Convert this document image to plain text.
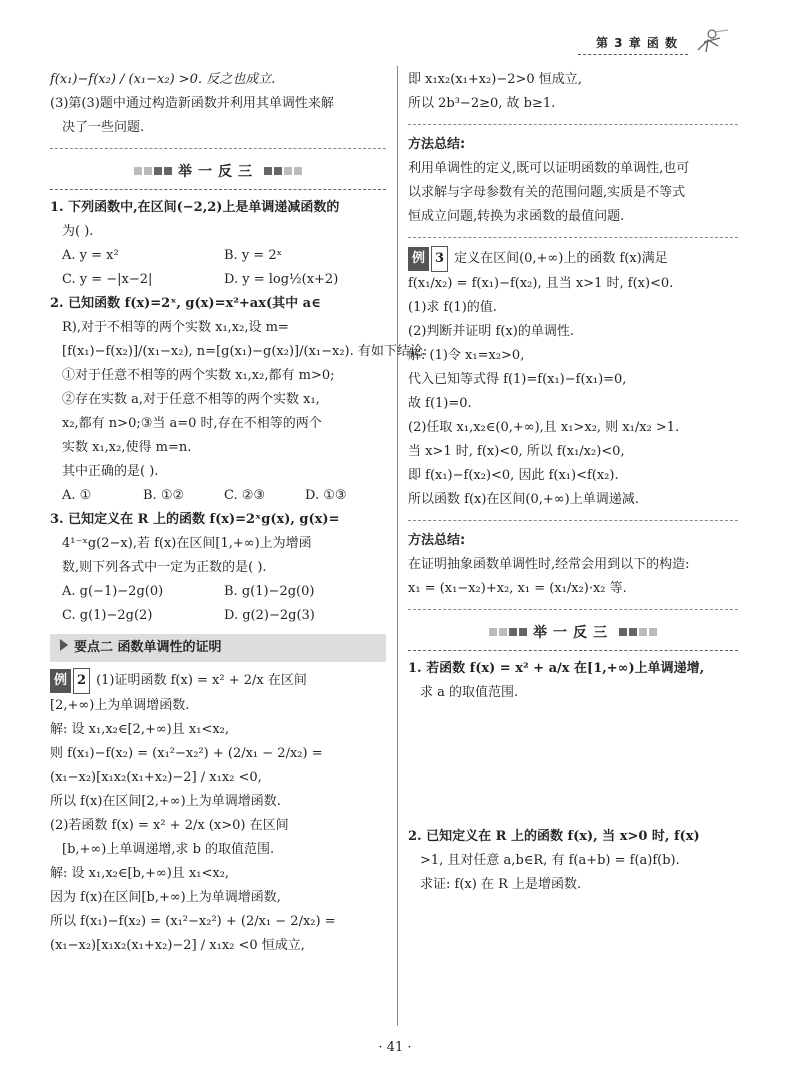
第 3 章 函 数
f(x₁)−f(x₂) / (x₁−x₂) >0. 反之也成立.
(3)第(3)题中通过构造新函数并利用其单调性来解
决了一些问题.
举一反三
1. 下列函数中,在区间(−2,2)上是单调递减函数的
为( ).
A. y = x²	B. y = 2ˣ
C. y = −|x−2|	D. y = log½(x+2)
2. 已知函数 f(x)=2ˣ, g(x)=x²+ax(其中 a∈
R),对于不相等的两个实数 x₁,x₂,设 m=
[f(x₁)−f(x₂)]/(x₁−x₂), n=[g(x₁)−g(x₂)]/(x₁−x₂). 有如下结论:
①对于任意不相等的两个实数 x₁,x₂,都有 m>0;
②存在实数 a,对于任意不相等的两个实数 x₁,
x₂,都有 n>0;③当 a=0 时,存在不相等的两个
实数 x₁,x₂,使得 m=n.
其中正确的是( ).
A. ①	B. ①②	C. ②③	D. ①③
3. 已知定义在 R 上的函数 f(x)=2ˣg(x), g(x)=
4¹⁻ˣg(2−x),若 f(x)在区间[1,+∞)上为增函
数,则下列各式中一定为正数的是( ).
A. g(−1)−2g(0)	B. g(1)−2g(0)
C. g(1)−2g(2)	D. g(2)−2g(3)
要点二 函数单调性的证明
例 2 (1)证明函数 f(x) = x² + 2/x 在区间
[2,+∞)上为单调增函数.
解: 设 x₁,x₂∈[2,+∞)且 x₁<x₂,
则 f(x₁)−f(x₂) = (x₁²−x₂²) + (2/x₁ − 2/x₂) =
(x₁−x₂)[x₁x₂(x₁+x₂)−2] / x₁x₂ <0,
所以 f(x)在区间[2,+∞)上为单调增函数.
(2)若函数 f(x) = x² + 2/x (x>0) 在区间
[b,+∞)上单调递增,求 b 的取值范围.
解: 设 x₁,x₂∈[b,+∞)且 x₁<x₂,
因为 f(x)在区间[b,+∞)上为单调增函数,
所以 f(x₁)−f(x₂) = (x₁²−x₂²) + (2/x₁ − 2/x₂) =
(x₁−x₂)[x₁x₂(x₁+x₂)−2] / x₁x₂ <0 恒成立,
即 x₁x₂(x₁+x₂)−2>0 恒成立,
所以 2b³−2≥0, 故 b≥1.
方法总结:
利用单调性的定义,既可以证明函数的单调性,也可
以求解与字母参数有关的范围问题,实质是不等式
恒成立问题,转换为求函数的最值问题.
例 3 定义在区间(0,+∞)上的函数 f(x)满足
f(x₁/x₂) = f(x₁)−f(x₂), 且当 x>1 时, f(x)<0.
(1)求 f(1)的值.
(2)判断并证明 f(x)的单调性.
解: (1)令 x₁=x₂>0,
代入已知等式得 f(1)=f(x₁)−f(x₁)=0,
故 f(1)=0.
(2)任取 x₁,x₂∈(0,+∞),且 x₁>x₂, 则 x₁/x₂ >1.
当 x>1 时, f(x)<0, 所以 f(x₁/x₂)<0,
即 f(x₁)−f(x₂)<0, 因此 f(x₁)<f(x₂).
所以函数 f(x)在区间(0,+∞)上单调递减.
方法总结:
在证明抽象函数单调性时,经常会用到以下的构造:
x₁ = (x₁−x₂)+x₂, x₁ = (x₁/x₂)·x₂ 等.
举一反三
1. 若函数 f(x) = x² + a/x 在[1,+∞)上单调递增,
求 a 的取值范围.
2. 已知定义在 R 上的函数 f(x), 当 x>0 时, f(x)
>1, 且对任意 a,b∈R, 有 f(a+b) = f(a)f(b).
求证: f(x) 在 R 上是增函数.
· 41 ·
